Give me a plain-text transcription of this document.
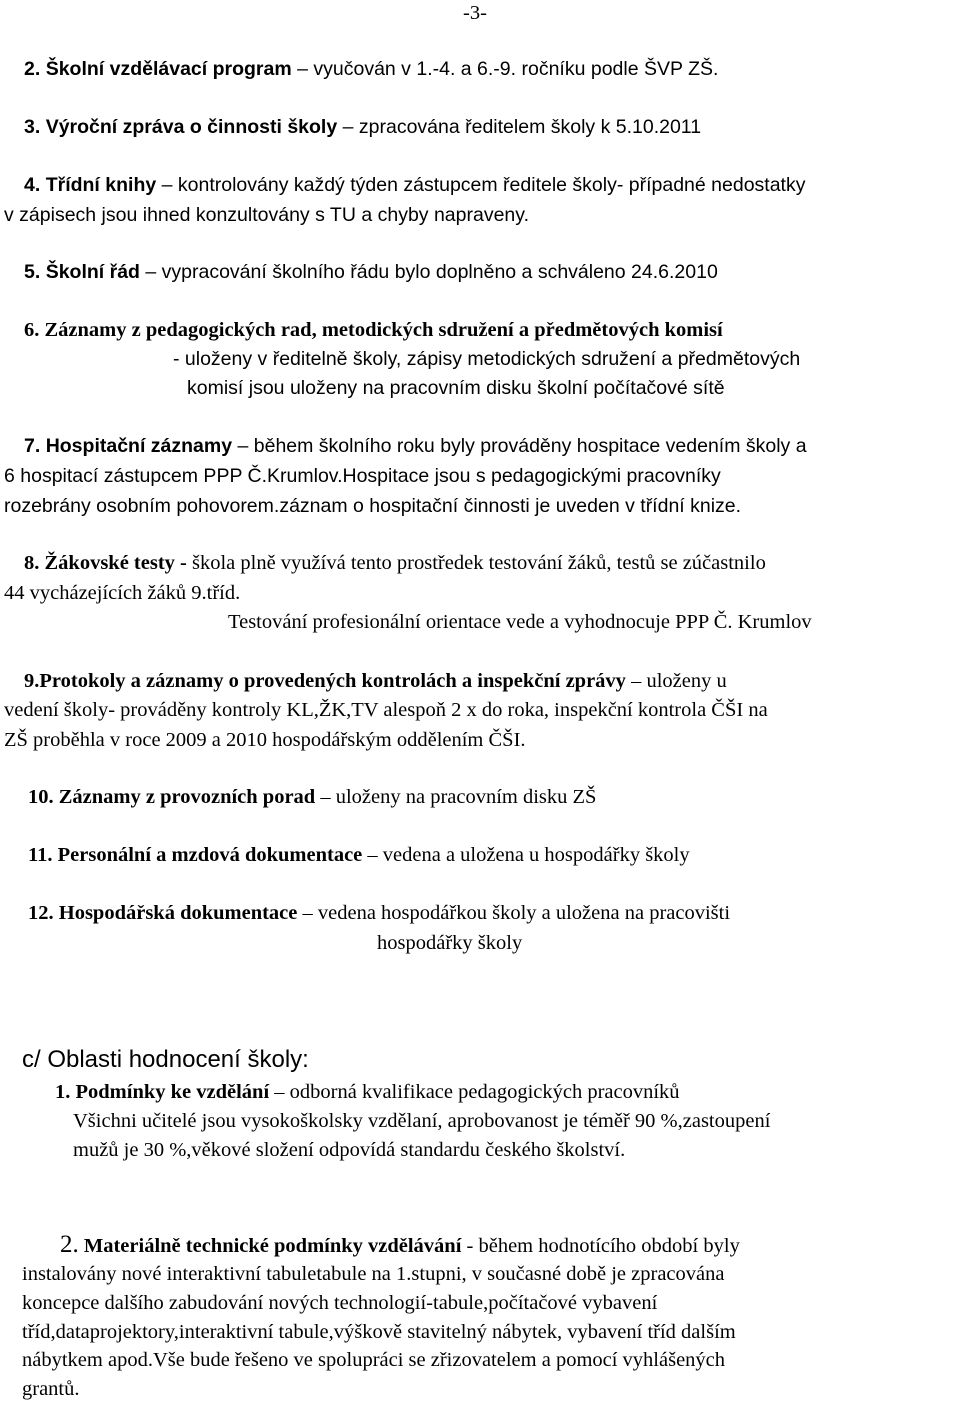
-3-
2. Školní vzdělávací program – vyučován v 1.-4. a 6.-9. ročníku podle ŠVP ZŠ.
3. Výroční zpráva o činnosti školy – zpracována ředitelem školy k 5.10.2011
4. Třídní knihy – kontrolovány každý týden zástupcem ředitele školy- případné nedostatky
v zápisech jsou ihned konzultovány s TU a chyby napraveny.
5. Školní řád – vypracování školního řádu bylo doplněno a schváleno 24.6.2010
6. Záznamy z pedagogických rad, metodických sdružení a předmětových komisí
- uloženy v ředitelně školy, zápisy metodických sdružení a předmětových
komisí jsou uloženy na pracovním disku školní počítačové sítě
7. Hospitační záznamy – během školního roku byly prováděny hospitace vedením školy a
6 hospitací zástupcem PPP Č.Krumlov.Hospitace jsou s pedagogickými pracovníky
rozebrány osobním pohovorem.záznam o hospitační činnosti je uveden v třídní knize.
8. Žákovské testy - škola plně využívá tento prostředek testování žáků, testů se zúčastnilo
44 vycházejících žáků 9.tříd.
Testování profesionální orientace vede a vyhodnocuje PPP Č. Krumlov
9.Protokoly a záznamy o provedených kontrolách a inspekční zprávy – uloženy u
vedení školy- prováděny kontroly KL,ŽK,TV alespoň 2 x do roka, inspekční kontrola ČŠI na
ZŠ proběhla v roce 2009 a 2010 hospodářským oddělením ČŠI.
10. Záznamy z provozních porad – uloženy na pracovním disku ZŠ
11. Personální a mzdová dokumentace – vedena a uložena u hospodářky školy
12. Hospodářská dokumentace – vedena hospodářkou školy a uložena na pracovišti
hospodářky školy
c/ Oblasti hodnocení školy:
1. Podmínky ke vzdělání – odborná kvalifikace pedagogických pracovníků
Všichni učitelé jsou vysokoškolsky vzdělaní, aprobovanost je téměř 90 %,zastoupení
mužů je 30 %,věkové složení odpovídá standardu českého školství.
2. Materiálně technické podmínky vzdělávání - během hodnotícího období byly
instalovány nové interaktivní tabuletabule na 1.stupni, v současné době je zpracována
koncepce dalšího zabudování nových technologií-tabule,počítačové vybavení
tříd,dataprojektory,interaktivní tabule,výškově stavitelný nábytek, vybavení tříd dalším
nábytkem apod.Vše bude řešeno ve spolupráci se zřizovatelem a pomocí vyhlášených
grantů.
